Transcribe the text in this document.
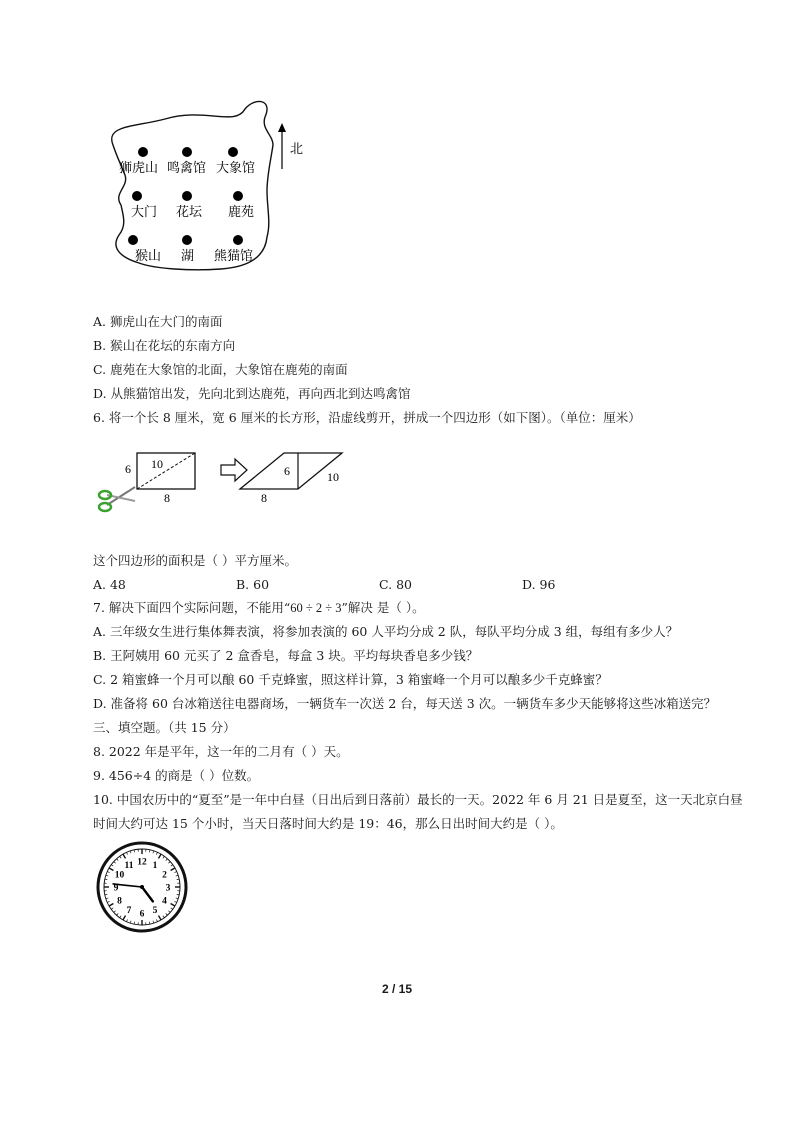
狮虎山 鸣禽馆 大象馆
大门 花坛 鹿苑
猴山 湖 熊猫馆
北
A. 狮虎山在大门的南面
B. 猴山在花坛的东南方向
C. 鹿苑在大象馆的北面，大象馆在鹿苑的南面
D. 从熊猫馆出发，先向北到达鹿苑，再向西北到达鸣禽馆
6. 将一个长 8 厘米，宽 6 厘米的长方形，沿虚线剪开，拼成一个四边形（如下图）。（单位：厘米）
6 10
8
6	10
8
这个四边形的面积是（ ）平方厘米。
A. 48	B. 60	C. 80	D. 96
7. 解决下面四个实际问题，不能用“60 ÷ 2 ÷ 3”解决 是（ ）。
A. 三年级女生进行集体舞表演，将参加表演的 60 人平均分成 2 队，每队平均分成 3 组，每组有多少人？
B. 王阿姨用 60 元买了 2 盒香皂，每盒 3 块。平均每块香皂多少钱？
C. 2 箱蜜蜂一个月可以酿 60 千克蜂蜜，照这样计算，3 箱蜜峰一个月可以酿多少千克蜂蜜？
D. 准备将 60 台冰箱送往电器商场，一辆货车一次送 2 台，每天送 3 次。一辆货车多少天能够将这些冰箱送完？
三、填空题。（共 15 分）
8. 2022 年是平年，这一年的二月有（ ）天。
9. 456÷4 的商是（ ）位数。
10. 中国农历中的“夏至”是一年中白昼（日出后到日落前）最长的一天。2022 年 6 月 21 日是夏至，这一天北京白昼
时间大约可达 15 个小时，当天日落时间大约是 19：46，那么日出时间大约是（ ）。
12 1
2
3
4
5
6
7
8
9
10
11
2 / 15
